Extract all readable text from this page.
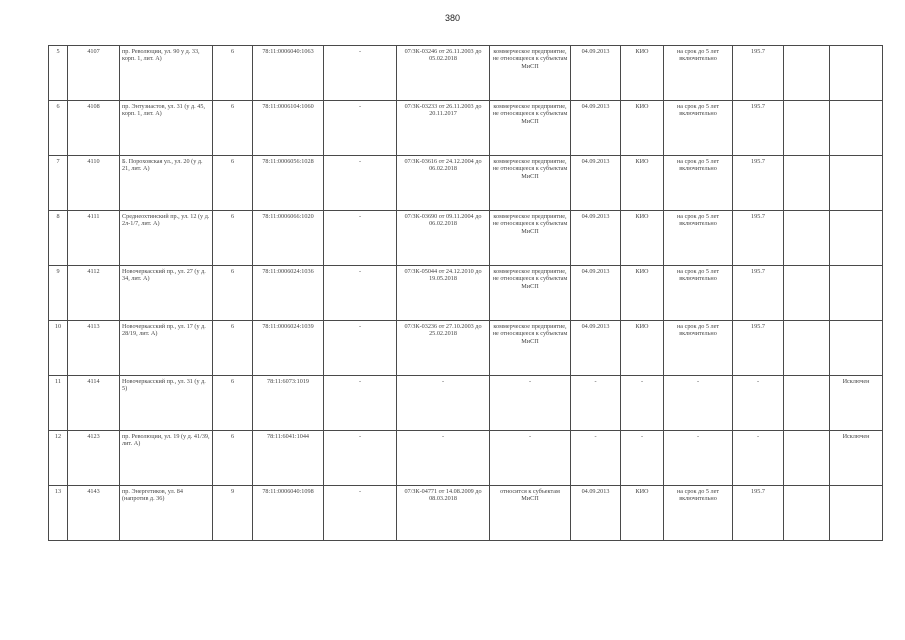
380
5	4107	пр. Революции, ул. 90 у д. 33, корп. 1, лит. А)	6	78:11:0006040:1063	-	07/ЗК-03246 от 26.11.2003 до 05.02.2018	коммерческое предприятие, не относящееся к субъектам МиСП	04.09.2013	КИО	на срок до 5 лет включительно	195.7		
6	4108	пр. Энтузиастов, ул. 31 (у д. 45, корп. 1, лит. А)	6	78:11:0006104:1060	-	07/ЗК-03233 от 26.11.2003 до 20.11.2017	коммерческое предприятие, не относящееся к субъектам МиСП	04.09.2013	КИО	на срок до 5 лет включительно	195.7		
7	4110	Б. Пороховская ул., ул. 20 (у д. 21, лит. А)	6	78:11:0006056:1028	-	07/ЗК-03616 от 24.12.2004 до 06.02.2018	коммерческое предприятие, не относящееся к субъектам МиСП	04.09.2013	КИО	на срок до 5 лет включительно	195.7		
8	4111	Среднеохтинский пр., ул. 12 (у д. 2л-1/7, лит. А)	6	78:11:0006066:1020	-	07/ЗК-03690 от 09.11.2004 до 06.02.2018	коммерческое предприятие, не относящееся к субъектам МиСП	04.09.2013	КИО	на срок до 5 лет включительно	195.7		
9	4112	Новочеркасский пр., ул. 27 (у д. 34, лит. А)	6	78:11:0006024:1036	-	07/ЗК-05044 от 24.12.2010 до 19.05.2018	коммерческое предприятие, не относящееся к субъектам МиСП	04.09.2013	КИО	на срок до 5 лет включительно	195.7		
10	4113	Новочеркасский пр., ул. 17 (у д. 28/19, лит. А)	6	78:11:0006024:1039	-	07/ЗК-03236 от 27.10.2003 до 25.02.2018	коммерческое предприятие, не относящееся к субъектам МиСП	04.09.2013	КИО	на срок до 5 лет включительно	195.7		
11	4114	Новочеркасский пр., ул. 31 (у д. 5)	6	78:11:6073:1019	-	-	-	-	-	-	-		Исключен
12	4123	пр. Революции, ул. 19 (у д. 41/39, лит. А)	6	78:11:6041:1044	-	-	-	-	-	-	-		Исключен
13	4143	пр. Энергетиков, ул. 84 (напротив д. 36)	9	78:11:0006040:1098	-	07/ЗК-04771 от 14.08.2009 до 08.03.2018	относится к субъектам МиСП	04.09.2013	КИО	на срок до 5 лет включительно	195.7		
